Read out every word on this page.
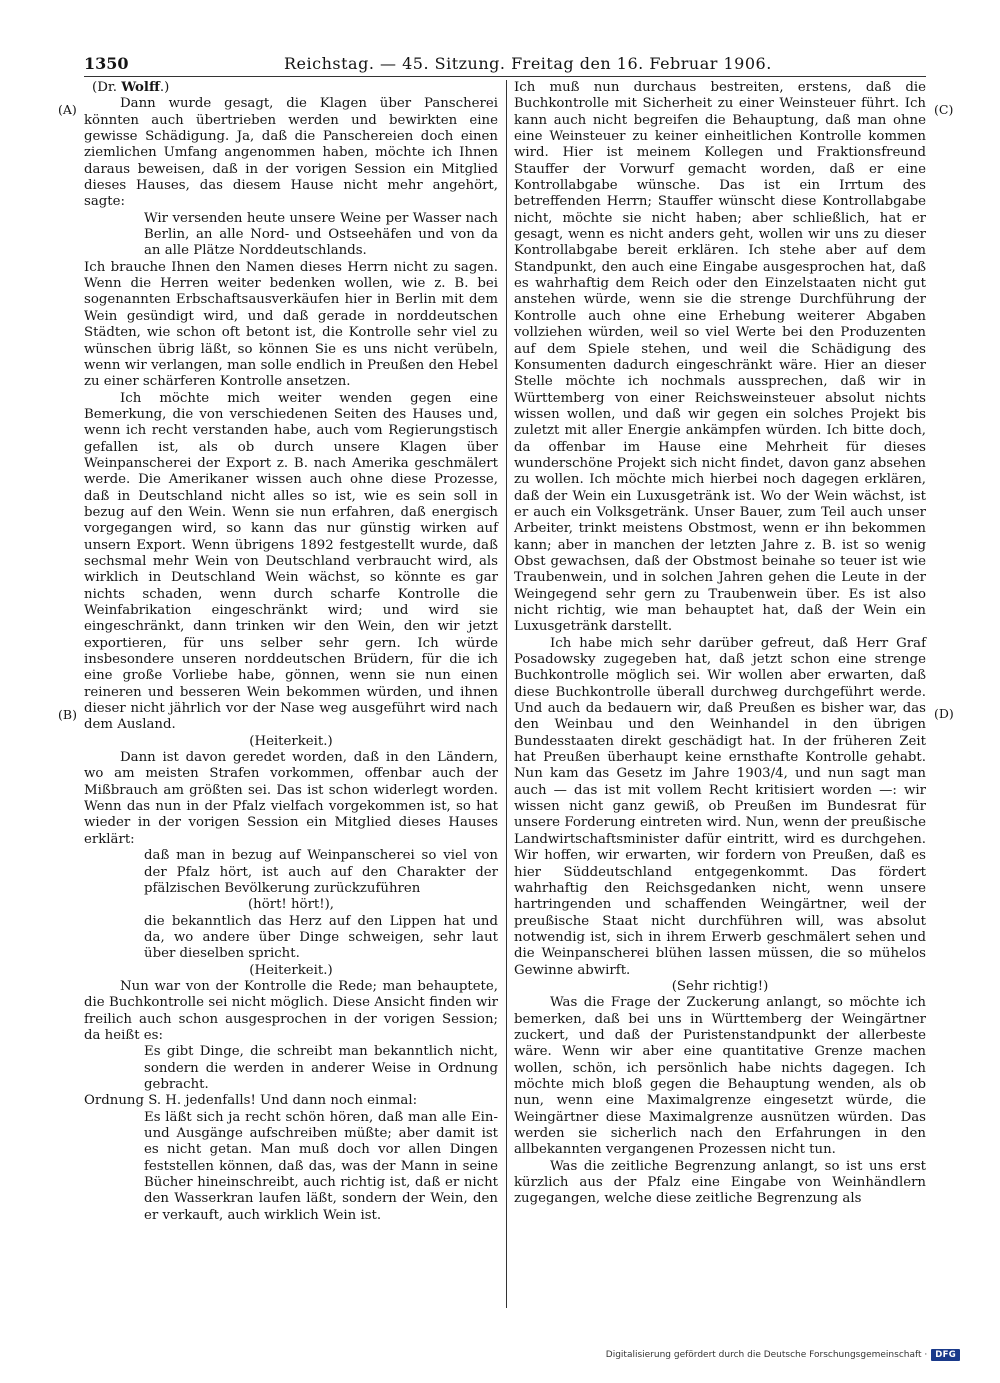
1350	Reichstag. — 45. Sitzung. Freitag den 16. Februar 1906.
(A)
(B)
(C)
(D)

(Dr. Wolff.)

Dann wurde gesagt, die Klagen über Panscherei könnten auch übertrieben werden und bewirkten eine gewisse Schädigung. Ja, daß die Panschereien doch einen ziemlichen Umfang angenommen haben, möchte ich Ihnen daraus beweisen, daß in der vorigen Session ein Mitglied dieses Hauses, das diesem Hause nicht mehr angehört, sagte:

Wir versenden heute unsere Weine per Wasser nach Berlin, an alle Nord- und Ostseehäfen und von da an alle Plätze Norddeutschlands.

Ich brauche Ihnen den Namen dieses Herrn nicht zu sagen. Wenn die Herren weiter bedenken wollen, wie z. B. bei sogenannten Erbschaftsausverkäufen hier in Berlin mit dem Wein gesündigt wird, und daß gerade in norddeutschen Städten, wie schon oft betont ist, die Kontrolle sehr viel zu wünschen übrig läßt, so können Sie es uns nicht verübeln, wenn wir verlangen, man solle endlich in Preußen den Hebel zu einer schärferen Kontrolle ansetzen.

Ich möchte mich weiter wenden gegen eine Bemerkung, die von verschiedenen Seiten des Hauses und, wenn ich recht verstanden habe, auch vom Regierungstisch gefallen ist, als ob durch unsere Klagen über Weinpanscherei der Export z. B. nach Amerika geschmälert werde. Die Amerikaner wissen auch ohne diese Prozesse, daß in Deutschland nicht alles so ist, wie es sein soll in bezug auf den Wein. Wenn sie nun erfahren, daß energisch vorgegangen wird, so kann das nur günstig wirken auf unsern Export. Wenn übrigens 1892 festgestellt wurde, daß sechsmal mehr Wein von Deutschland verbraucht wird, als wirklich in Deutschland Wein wächst, so könnte es gar nichts schaden, wenn durch scharfe Kontrolle die Weinfabrikation eingeschränkt wird; und wird sie eingeschränkt, dann trinken wir den Wein, den wir jetzt exportieren, für uns selber sehr gern. Ich würde insbesondere unseren norddeutschen Brüdern, für die ich eine große Vorliebe habe, gönnen, wenn sie nun einen reineren und besseren Wein bekommen würden, und ihnen dieser nicht jährlich vor der Nase weg ausgeführt wird nach dem Ausland.

(Heiterkeit.)

Dann ist davon geredet worden, daß in den Ländern, wo am meisten Strafen vorkommen, offenbar auch der Mißbrauch am größten sei. Das ist schon widerlegt worden. Wenn das nun in der Pfalz vielfach vorgekommen ist, so hat wieder in der vorigen Session ein Mitglied dieses Hauses erklärt:

daß man in bezug auf Weinpanscherei so viel von der Pfalz hört, ist auch auf den Charakter der pfälzischen Bevölkerung zurückzuführen

(hört! hört!),

die bekanntlich das Herz auf den Lippen hat und da, wo andere über Dinge schweigen, sehr laut über dieselben spricht.

(Heiterkeit.)

Nun war von der Kontrolle die Rede; man behauptete, die Buchkontrolle sei nicht möglich. Diese Ansicht finden wir freilich auch schon ausgesprochen in der vorigen Session; da heißt es:

Es gibt Dinge, die schreibt man bekanntlich nicht, sondern die werden in anderer Weise in Ordnung gebracht.

Ordnung S. H. jedenfalls! Und dann noch einmal:

Es läßt sich ja recht schön hören, daß man alle Ein- und Ausgänge aufschreiben müßte; aber damit ist es nicht getan. Man muß doch vor allen Dingen feststellen können, daß das, was der Mann in seine Bücher hineinschreibt, auch richtig ist, daß er nicht den Wasserkran laufen läßt, sondern der Wein, den er verkauft, auch wirklich Wein ist.

Ich muß nun durchaus bestreiten, erstens, daß die Buchkontrolle mit Sicherheit zu einer Weinsteuer führt. Ich kann auch nicht begreifen die Behauptung, daß man ohne eine Weinsteuer zu keiner einheitlichen Kontrolle kommen wird. Hier ist meinem Kollegen und Fraktionsfreund Stauffer der Vorwurf gemacht worden, daß er eine Kontrollabgabe wünsche. Das ist ein Irrtum des betreffenden Herrn; Stauffer wünscht diese Kontrollabgabe nicht, möchte sie nicht haben; aber schließlich, hat er gesagt, wenn es nicht anders geht, wollen wir uns zu dieser Kontrollabgabe bereit erklären. Ich stehe aber auf dem Standpunkt, den auch eine Eingabe ausgesprochen hat, daß es wahrhaftig dem Reich oder den Einzelstaaten nicht gut anstehen würde, wenn sie die strenge Durchführung der Kontrolle auch ohne eine Erhebung weiterer Abgaben vollziehen würden, weil so viel Werte bei den Produzenten auf dem Spiele stehen, und weil die Schädigung des Konsumenten dadurch eingeschränkt wäre. Hier an dieser Stelle möchte ich nochmals aussprechen, daß wir in Württemberg von einer Reichsweinsteuer absolut nichts wissen wollen, und daß wir gegen ein solches Projekt bis zuletzt mit aller Energie ankämpfen würden. Ich bitte doch, da offenbar im Hause eine Mehrheit für dieses wunderschöne Projekt sich nicht findet, davon ganz absehen zu wollen. Ich möchte mich hierbei noch dagegen erklären, daß der Wein ein Luxusgetränk ist. Wo der Wein wächst, ist er auch ein Volksgetränk. Unser Bauer, zum Teil auch unser Arbeiter, trinkt meistens Obstmost, wenn er ihn bekommen kann; aber in manchen der letzten Jahre z. B. ist so wenig Obst gewachsen, daß der Obstmost beinahe so teuer ist wie Traubenwein, und in solchen Jahren gehen die Leute in der Weingegend sehr gern zu Traubenwein über. Es ist also nicht richtig, wie man behauptet hat, daß der Wein ein Luxusgetränk darstellt.

Ich habe mich sehr darüber gefreut, daß Herr Graf Posadowsky zugegeben hat, daß jetzt schon eine strenge Buchkontrolle möglich sei. Wir wollen aber erwarten, daß diese Buchkontrolle überall durchweg durchgeführt werde. Und auch da bedauern wir, daß Preußen es bisher war, das den Weinbau und den Weinhandel in den übrigen Bundesstaaten direkt geschädigt hat. In der früheren Zeit hat Preußen überhaupt keine ernsthafte Kontrolle gehabt. Nun kam das Gesetz im Jahre 1903/4, und nun sagt man auch — das ist mit vollem Recht kritisiert worden —: wir wissen nicht ganz gewiß, ob Preußen im Bundesrat für unsere Forderung eintreten wird. Nun, wenn der preußische Landwirtschaftsminister dafür eintritt, wird es durchgehen. Wir hoffen, wir erwarten, wir fordern von Preußen, daß es hier Süddeutschland entgegenkommt. Das fördert wahrhaftig den Reichsgedanken nicht, wenn unsere hartringenden und schaffenden Weingärtner, weil der preußische Staat nicht durchführen will, was absolut notwendig ist, sich in ihrem Erwerb geschmälert sehen und die Weinpanscherei blühen lassen müssen, die so mühelos Gewinne abwirft.

(Sehr richtig!)

Was die Frage der Zuckerung anlangt, so möchte ich bemerken, daß bei uns in Württemberg der Weingärtner zuckert, und daß der Puristenstandpunkt der allerbeste wäre. Wenn wir aber eine quantitative Grenze machen wollen, schön, ich persönlich habe nichts dagegen. Ich möchte mich bloß gegen die Behauptung wenden, als ob nun, wenn eine Maximalgrenze eingesetzt würde, die Weingärtner diese Maximalgrenze ausnützen würden. Das werden sie sicherlich nach den Erfahrungen in den allbekannten vergangenen Prozessen nicht tun.

Was die zeitliche Begrenzung anlangt, so ist uns erst kürzlich aus der Pfalz eine Eingabe von Weinhändlern zugegangen, welche diese zeitliche Begrenzung als

Digitalisierung gefördert durch die Deutsche Forschungsgemeinschaft · DFG
